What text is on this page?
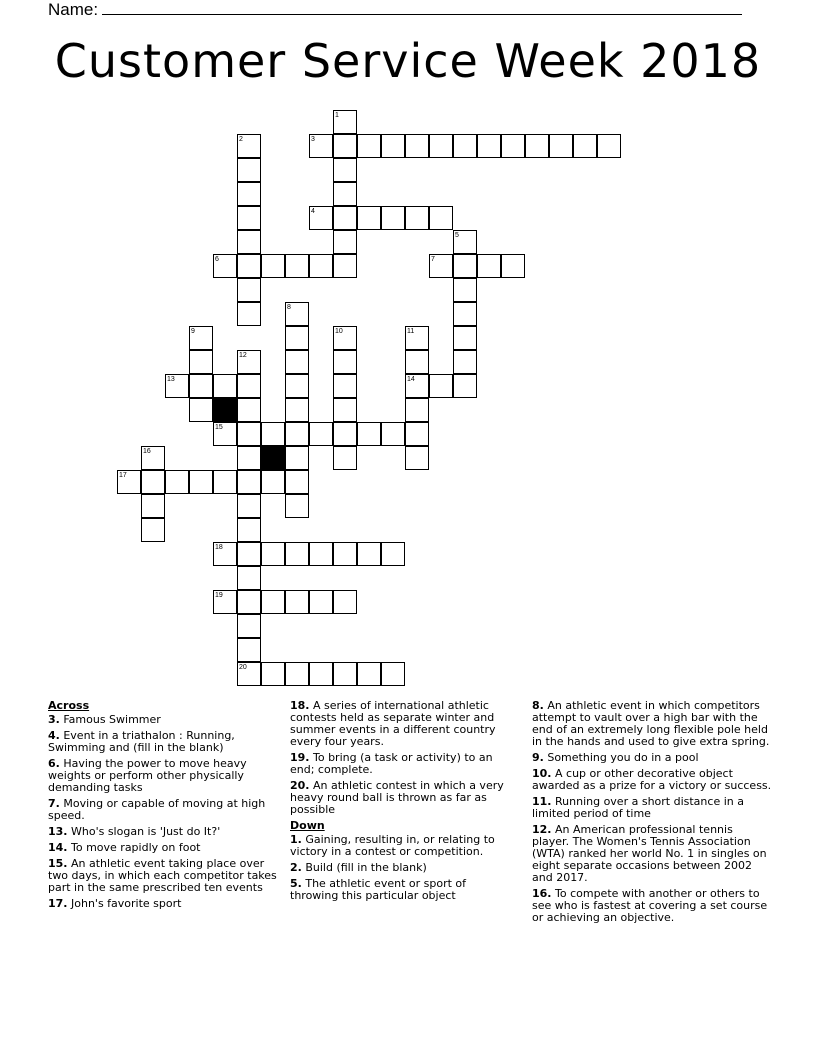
Name:
Customer Service Week 2018
1
2	3
4
5
6	7
8
9	10	11
12
13	14
15
16
17
18
19
20
Across
3. Famous Swimmer
4. Event in a triathalon : Running, Swimming and (fill in the blank)
6. Having the power to move heavy weights or perform other physically demanding tasks
7. Moving or capable of moving at high speed.
13. Who's slogan is 'Just do It?'
14. To move rapidly on foot
15. An athletic event taking place over two days, in which each competitor takes part in the same prescribed ten events
17. John's favorite sport
18. A series of international athletic contests held as separate winter and summer events in a different country every four years.
19. To bring (a task or activity) to an end; complete.
20. An athletic contest in which a very heavy round ball is thrown as far as possible
Down
1. Gaining, resulting in, or relating to victory in a contest or competition.
2. Build (fill in the blank)
5. The athletic event or sport of throwing this particular object
8. An athletic event in which competitors attempt to vault over a high bar with the end of an extremely long flexible pole held in the hands and used to give extra spring.
9. Something you do in a pool
10. A cup or other decorative object awarded as a prize for a victory or success.
11. Running over a short distance in a limited period of time
12. An American professional tennis player. The Women's Tennis Association (WTA) ranked her world No. 1 in singles on eight separate occasions between 2002 and 2017.
16. To compete with another or others to see who is fastest at covering a set course or achieving an objective.
